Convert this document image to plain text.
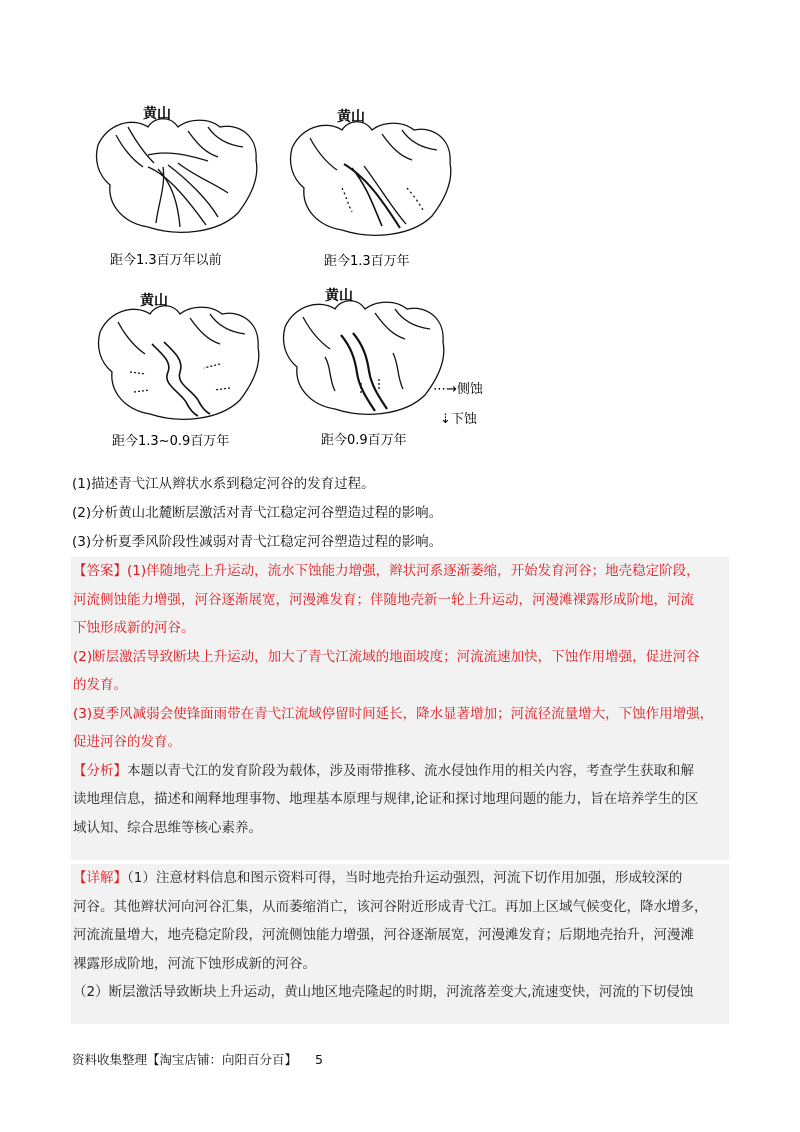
黄山
距今1.3百万年以前
黄山
距今1.3百万年
黄山
距今1.3~0.9百万年
黄山
距今0.9百万年
⋯→侧蚀
⇣下蚀
(1)描述青弋江从辫状水系到稳定河谷的发育过程。
(2)分析黄山北麓断层激活对青弋江稳定河谷塑造过程的影响。
(3)分析夏季风阶段性减弱对青弋江稳定河谷塑造过程的影响。
【答案】(1)伴随地壳上升运动，流水下蚀能力增强，辫状河系逐渐萎缩，开始发育河谷；地壳稳定阶段，
河流侧蚀能力增强，河谷逐渐展宽，河漫滩发育；伴随地壳新一轮上升运动，河漫滩裸露形成阶地，河流
下蚀形成新的河谷。
(2)断层激活导致断块上升运动，加大了青弋江流域的地面坡度；河流流速加快，下蚀作用增强，促进河谷
的发育。
(3)夏季风减弱会使锋面雨带在青弋江流域停留时间延长，降水显著增加；河流径流量增大，下蚀作用增强，
促进河谷的发育。
【分析】本题以青弋江的发育阶段为载体，涉及雨带推移、流水侵蚀作用的相关内容，考查学生获取和解
读地理信息，描述和阐释地理事物、地理基本原理与规律,论证和探讨地理问题的能力，旨在培养学生的区
域认知、综合思维等核心素养。
【详解】（1）注意材料信息和图示资料可得，当时地壳抬升运动强烈，河流下切作用加强，形成较深的
河谷。其他辫状河向河谷汇集，从而萎缩消亡，该河谷附近形成青弋江。再加上区域气候变化，降水增多，
河流流量增大，地壳稳定阶段，河流侧蚀能力增强，河谷逐渐展宽，河漫滩发育；后期地壳抬升，河漫滩
裸露形成阶地，河流下蚀形成新的河谷。
（2）断层激活导致断块上升运动，黄山地区地壳隆起的时期，河流落差变大,流速变快，河流的下切侵蚀
资料收集整理【淘宝店铺：向阳百分百】 5
